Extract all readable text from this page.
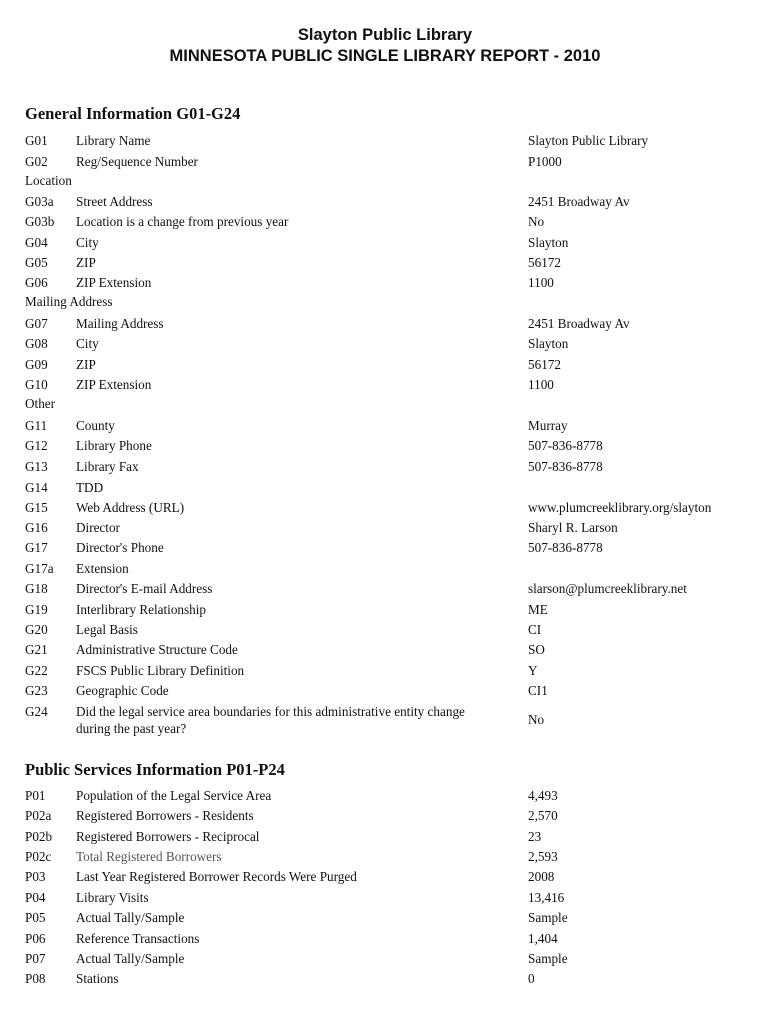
Slayton Public Library
MINNESOTA PUBLIC SINGLE LIBRARY REPORT - 2010
General Information G01-G24
G01 Library Name	Slayton Public Library
G02 Reg/Sequence Number	P1000
Location
G03a Street Address	2451 Broadway Av
G03b Location is a change from previous year	No
G04 City	Slayton
G05 ZIP	56172
G06 ZIP Extension	1100
Mailing Address
G07 Mailing Address	2451 Broadway Av
G08 City	Slayton
G09 ZIP	56172
G10 ZIP Extension	1100
Other
G11 County	Murray
G12 Library Phone	507-836-8778
G13 Library Fax	507-836-8778
G14 TDD
G15 Web Address (URL)	www.plumcreeklibrary.org/slayton
G16 Director	Sharyl R. Larson
G17 Director's Phone	507-836-8778
G17a Extension
G18 Director's E-mail Address	slarson@plumcreeklibrary.net
G19 Interlibrary Relationship	ME
G20 Legal Basis	CI
G21 Administrative Structure Code	SO
G22 FSCS Public Library Definition	Y
G23 Geographic Code	CI1
G24 Did the legal service area boundaries for this administrative entity change during the past year?
No
Public Services Information P01-P24
P01 Population of the Legal Service Area	4,493
P02a Registered Borrowers - Residents	2,570
P02b Registered Borrowers - Reciprocal	23
P02c Total Registered Borrowers	2,593
P03 Last Year Registered Borrower Records Were Purged	2008
P04 Library Visits	13,416
P05 Actual Tally/Sample	Sample
P06 Reference Transactions	1,404
P07 Actual Tally/Sample	Sample
P08 Stations	0
